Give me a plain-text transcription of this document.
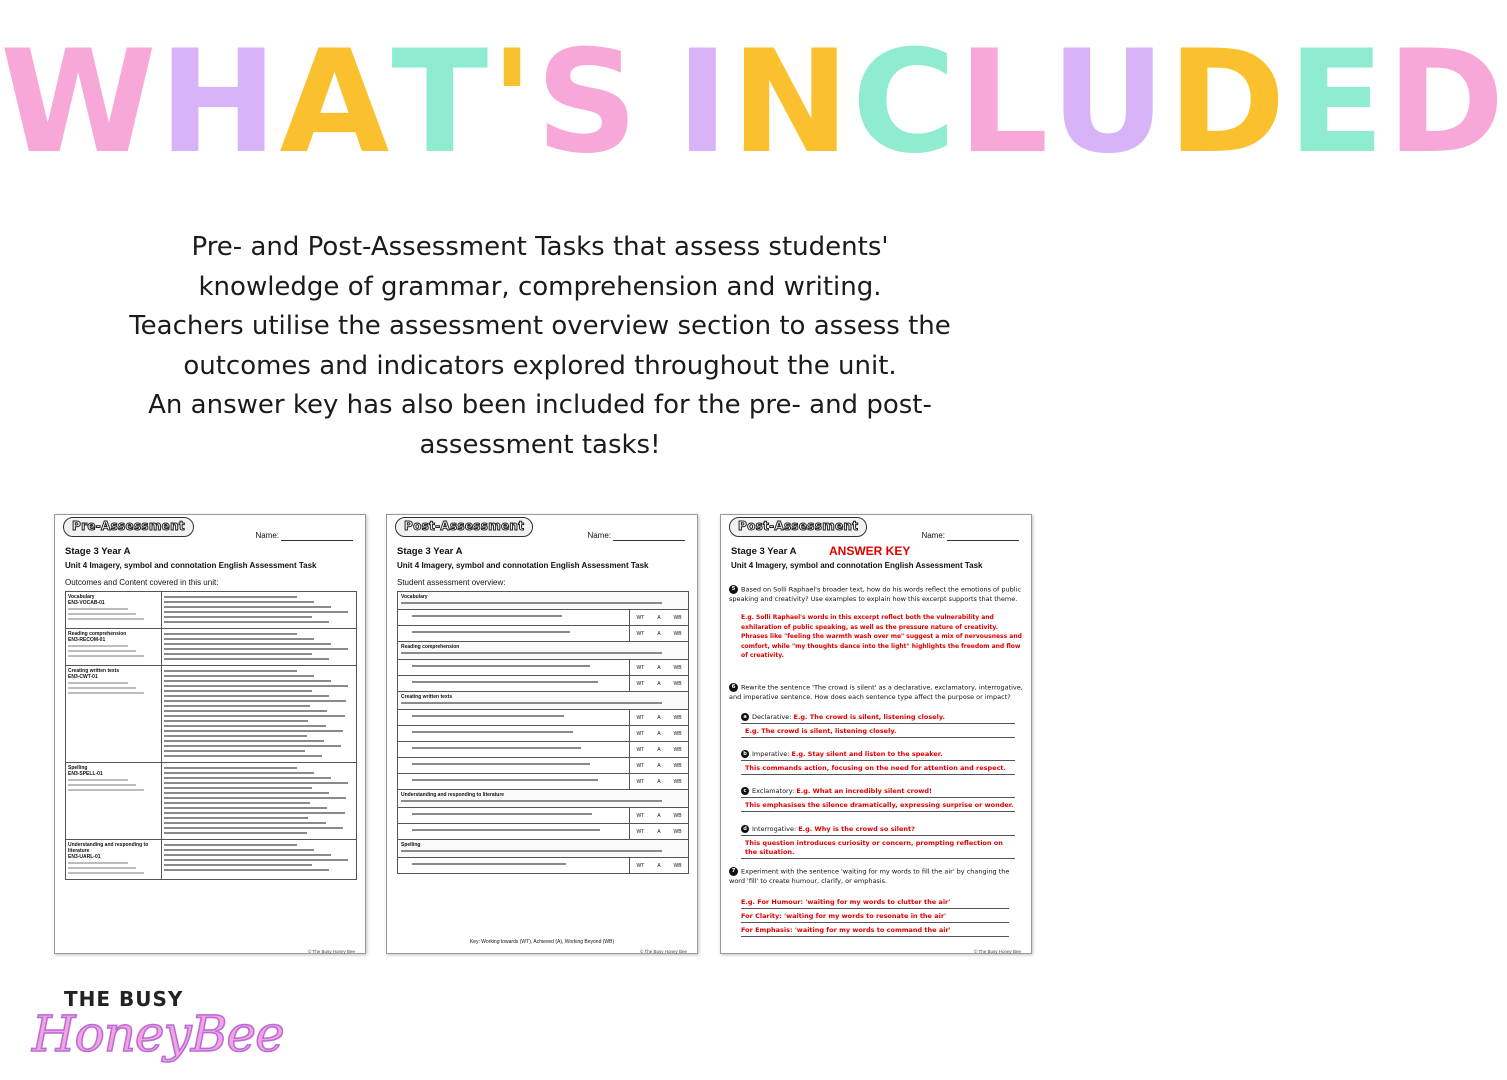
WHAT'S INCLUDED
Pre- and Post-Assessment Tasks that assess students'
knowledge of grammar, comprehension and writing.
Teachers utilise the assessment overview section to assess the
outcomes and indicators explored throughout the unit.
An answer key has also been included for the pre- and post-
assessment tasks!
Pre-Assessment
Name:
Stage 3 Year A
Unit 4 Imagery, symbol and connotation English Assessment Task
Outcomes and Content covered in this unit:
Vocabulary
EN3-VOCAB-01
Reading comprehension
EN3-RECOM-01
Creating written texts
EN3-CWT-01
Spelling
EN3-SPELL-01
Understanding and responding to literature
EN3-UARL-01
© The Busy Honey Bee
Post-Assessment
Name:
Stage 3 Year A
Unit 4 Imagery, symbol and connotation English Assessment Task
Student assessment overview:
Vocabulary
WT	A	WB
WT	A	WB
Reading comprehension
WT	A	WB
WT	A	WB
Creating written texts
WT	A	WB
WT	A	WB
WT	A	WB
WT	A	WB
WT	A	WB
Understanding and responding to literature
WT	A	WB
WT	A	WB
Spelling
WT	A	WB
Key: Working towards (WT), Achieved (A), Working Beyond (WB)
© The Busy Honey Bee
Post-Assessment
Name:
Stage 3 Year A	ANSWER KEY
Unit 4 Imagery, symbol and connotation English Assessment Task
5 Based on Solli Raphael's broader text, how do his words reflect the emotions of public speaking and creativity? Use examples to explain how this excerpt supports that theme.
E.g. Solli Raphael's words in this excerpt reflect both the vulnerability and exhilaration of public speaking, as well as the pressure nature of creativity. Phrases like "feeling the warmth wash over me" suggest a mix of nervousness and comfort, while "my thoughts dance into the light" highlights the freedom and flow of creativity.
6 Rewrite the sentence 'The crowd is silent' as a declarative, exclamatory, interrogative, and imperative sentence. How does each sentence type affect the purpose or impact?
a Declarative: E.g. The crowd is silent, listening closely.
E.g. The crowd is silent, listening closely.
b Imperative: E.g. Stay silent and listen to the speaker.
This commands action, focusing on the need for attention and respect.
c Exclamatory: E.g. What an incredibly silent crowd!
This emphasises the silence dramatically, expressing surprise or wonder.
d Interrogative: E.g. Why is the crowd so silent?
This question introduces curiosity or concern, prompting reflection on the situation.
7 Experiment with the sentence 'waiting for my words to fill the air' by changing the word 'fill' to create humour, clarify, or emphasis.
E.g. For Humour: 'waiting for my words to clutter the air'
For Clarity: 'waiting for my words to resonate in the air'
For Emphasis: 'waiting for my words to command the air'
© The Busy Honey Bee
THE BUSY
HoneyBee
